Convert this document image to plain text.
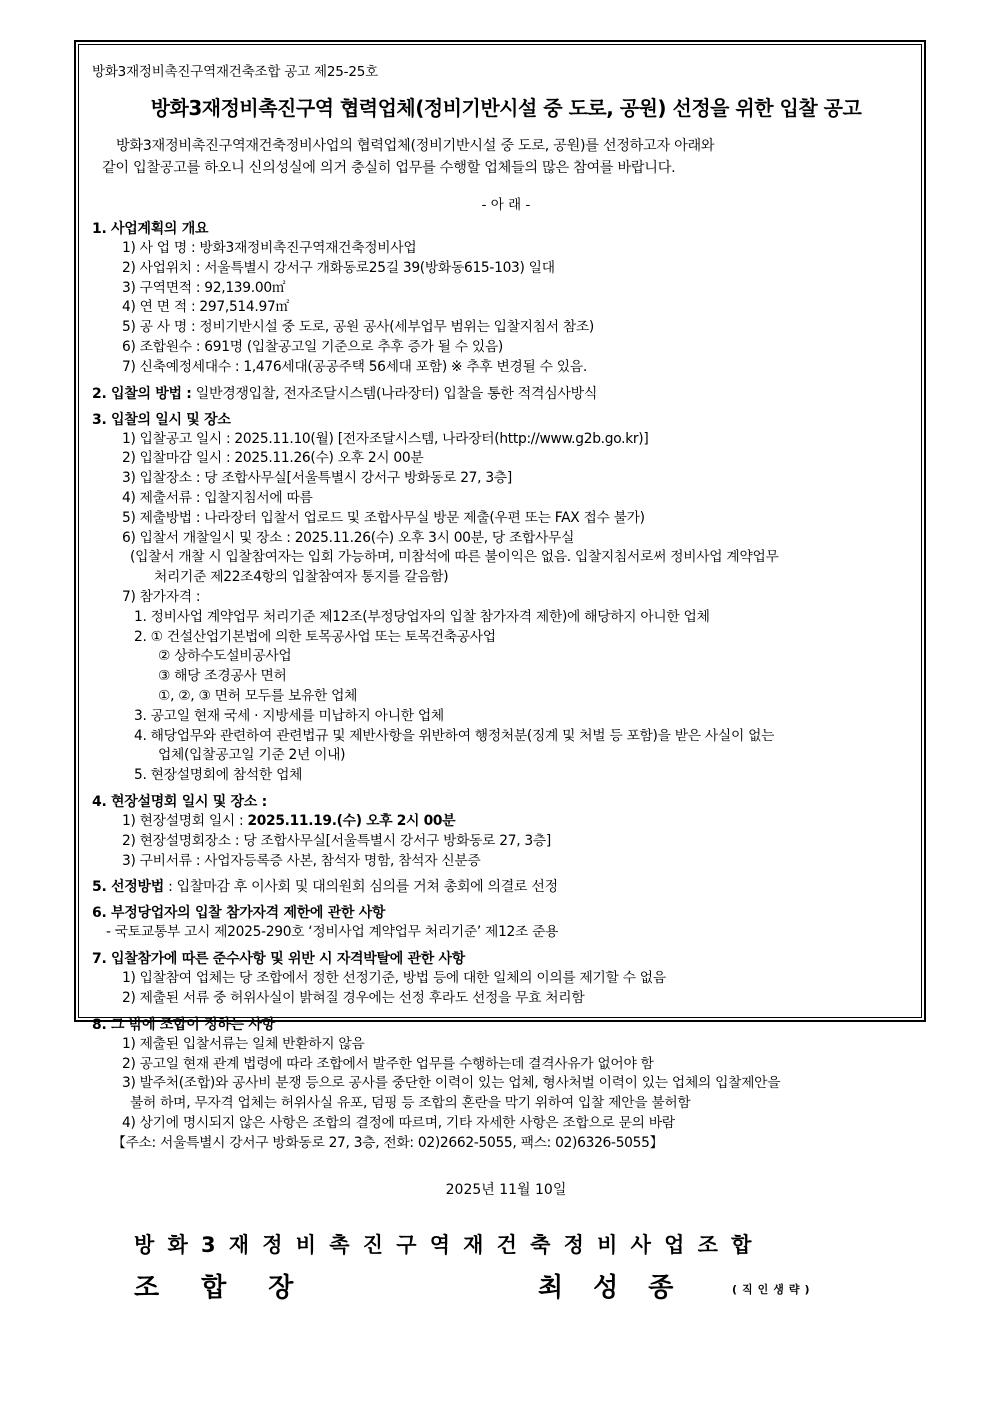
방화3재정비촉진구역재건축조합 공고 제25-25호
방화3재정비촉진구역 협력업체(정비기반시설 중 도로, 공원) 선정을 위한 입찰 공고
방화3재정비촉진구역재건축정비사업의 협력업체(정비기반시설 중 도로, 공원)를 선정하고자 아래와
같이 입찰공고를 하오니 신의성실에 의거 충실히 업무를 수행할 업체들의 많은 참여를 바랍니다.
- 아 래 -
1. 사업계획의 개요
1) 사 업 명 : 방화3재정비촉진구역재건축정비사업
2) 사업위치 : 서울특별시 강서구 개화동로25길 39(방화동615-103) 일대
3) 구역면적 : 92,139.00㎡
4) 연 면 적 : 297,514.97㎡
5) 공 사 명 : 정비기반시설 중 도로, 공원 공사(세부업무 범위는 입찰지침서 참조)
6) 조합원수 : 691명 (입찰공고일 기준으로 추후 증가 될 수 있음)
7) 신축예정세대수 : 1,476세대(공공주택 56세대 포함) ※ 추후 변경될 수 있음.
2. 입찰의 방법 : 일반경쟁입찰, 전자조달시스템(나라장터) 입찰을 통한 적격심사방식
3. 입찰의 일시 및 장소
1) 입찰공고 일시 : 2025.11.10(월) [전자조달시스템, 나라장터(http://www.g2b.go.kr)]
2) 입찰마감 일시 : 2025.11.26(수) 오후 2시 00분
3) 입찰장소 : 당 조합사무실[서울특별시 강서구 방화동로 27, 3층]
4) 제출서류 : 입찰지침서에 따름
5) 제출방법 : 나라장터 입찰서 업로드 및 조합사무실 방문 제출(우편 또는 FAX 접수 불가)
6) 입찰서 개찰일시 및 장소 : 2025.11.26(수) 오후 3시 00분, 당 조합사무실
(입찰서 개찰 시 입찰참여자는 입회 가능하며, 미참석에 따른 불이익은 없음. 입찰지침서로써 정비사업 계약업무
처리기준 제22조4항의 입찰참여자 통지를 갈음함)
7) 참가자격 :
1. 정비사업 계약업무 처리기준 제12조(부정당업자의 입찰 참가자격 제한)에 해당하지 아니한 업체
2. ① 건설산업기본법에 의한 토목공사업 또는 토목건축공사업
② 상하수도설비공사업
③ 해당 조경공사 면허
①, ②, ③ 면허 모두를 보유한 업체
3. 공고일 현재 국세 · 지방세를 미납하지 아니한 업체
4. 해당업무와 관련하여 관련법규 및 제반사항을 위반하여 행정처분(징계 및 처벌 등 포함)을 받은 사실이 없는
업체(입찰공고일 기준 2년 이내)
5. 현장설명회에 참석한 업체
4. 현장설명회 일시 및 장소 :
1) 현장설명회 일시 : 2025.11.19.(수) 오후 2시 00분
2) 현장설명회장소 : 당 조합사무실[서울특별시 강서구 방화동로 27, 3층]
3) 구비서류 : 사업자등록증 사본, 참석자 명함, 참석자 신분증
5. 선정방법 : 입찰마감 후 이사회 및 대의원회 심의를 거쳐 총회에 의결로 선정
6. 부정당업자의 입찰 참가자격 제한에 관한 사항
- 국토교통부 고시 제2025-290호 ‘정비사업 계약업무 처리기준’ 제12조 준용
7. 입찰참가에 따른 준수사항 및 위반 시 자격박탈에 관한 사항
1) 입찰참여 업체는 당 조합에서 정한 선정기준, 방법 등에 대한 일체의 이의를 제기할 수 없음
2) 제출된 서류 중 허위사실이 밝혀질 경우에는 선정 후라도 선정을 무효 처리함
8. 그 밖에 조합이 정하는 사항
1) 제출된 입찰서류는 일체 반환하지 않음
2) 공고일 현재 관계 법령에 따라 조합에서 발주한 업무를 수행하는데 결격사유가 없어야 함
3) 발주처(조합)와 공사비 분쟁 등으로 공사를 중단한 이력이 있는 업체, 형사처벌 이력이 있는 업체의 입찰제안을
불허 하며, 무자격 업체는 허위사실 유포, 덤핑 등 조합의 혼란을 막기 위하여 입찰 제안을 불허함
4) 상기에 명시되지 않은 사항은 조합의 결정에 따르며, 기타 자세한 사항은 조합으로 문의 바람
【주소: 서울특별시 강서구 방화동로 27, 3층, 전화: 02)2662-5055, 팩스: 02)6326-5055】
2025년 11월 10일
방화3재정비촉진구역재건축정비사업조합
조합장	최성종	(직인생략)
